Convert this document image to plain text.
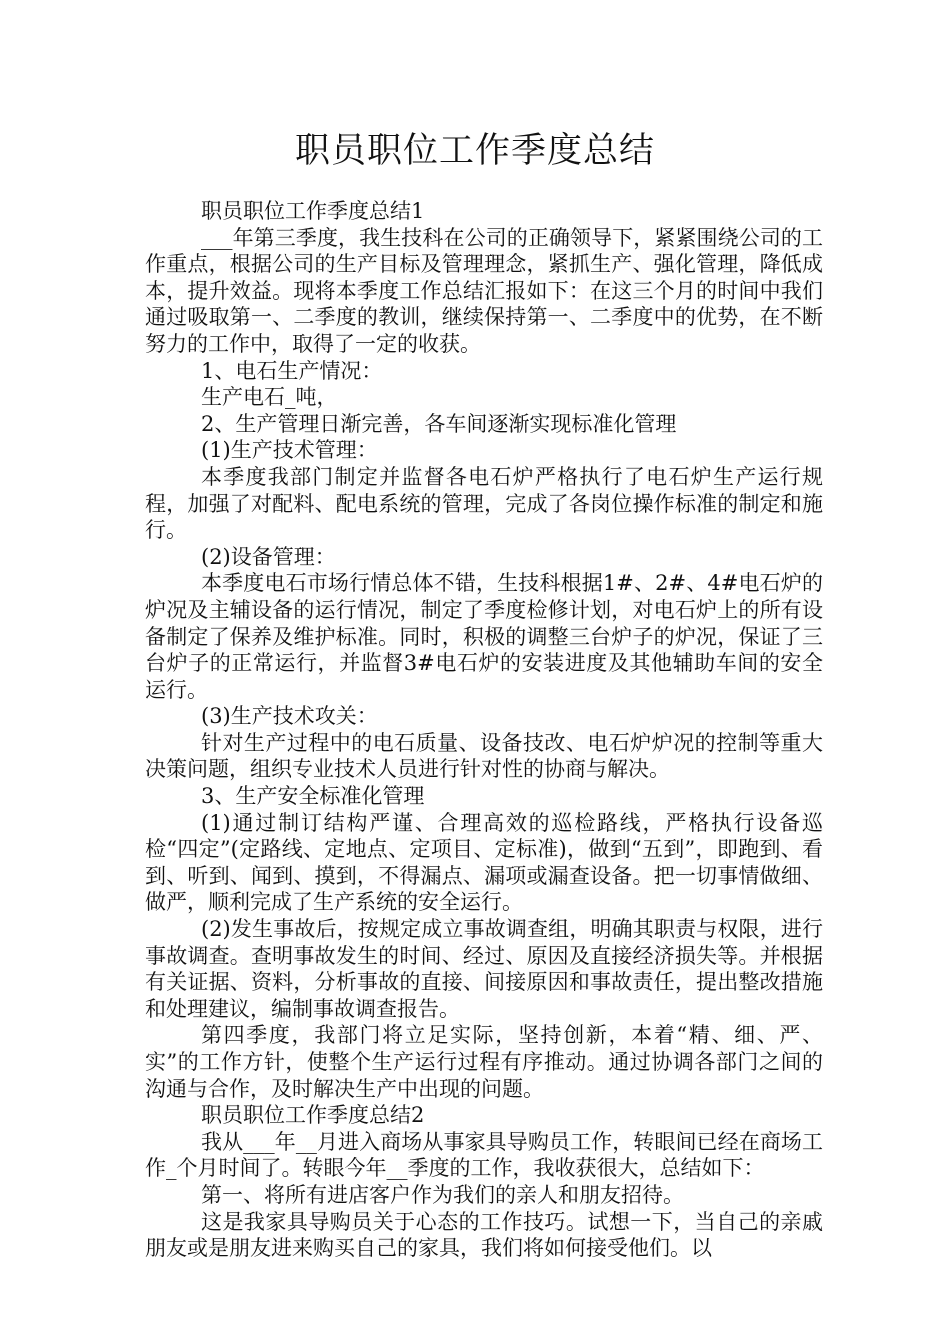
职员职位工作季度总结

职员职位工作季度总结1

___年第三季度，我生技科在公司的正确领导下，紧紧围绕公司的工作重点，根据公司的生产目标及管理理念，紧抓生产、强化管理，降低成本，提升效益。现将本季度工作总结汇报如下：在这三个月的时间中我们通过吸取第一、二季度的教训，继续保持第一、二季度中的优势，在不断努力的工作中，取得了一定的收获。

1、电石生产情况：

生产电石_吨，

2、生产管理日渐完善，各车间逐渐实现标准化管理

(1)生产技术管理：

本季度我部门制定并监督各电石炉严格执行了电石炉生产运行规程，加强了对配料、配电系统的管理，完成了各岗位操作标准的制定和施行。

(2)设备管理：

本季度电石市场行情总体不错，生技科根据1#、2#、4#电石炉的炉况及主辅设备的运行情况，制定了季度检修计划，对电石炉上的所有设备制定了保养及维护标准。同时，积极的调整三台炉子的炉况，保证了三台炉子的正常运行，并监督3#电石炉的安装进度及其他辅助车间的安全运行。

(3)生产技术攻关：

针对生产过程中的电石质量、设备技改、电石炉炉况的控制等重大决策问题，组织专业技术人员进行针对性的协商与解决。

3、生产安全标准化管理

(1)通过制订结构严谨、合理高效的巡检路线，严格执行设备巡检“四定”(定路线、定地点、定项目、定标准)，做到“五到”，即跑到、看到、听到、闻到、摸到，不得漏点、漏项或漏查设备。把一切事情做细、做严，顺利完成了生产系统的安全运行。

(2)发生事故后，按规定成立事故调查组，明确其职责与权限，进行事故调查。查明事故发生的时间、经过、原因及直接经济损失等。并根据有关证据、资料，分析事故的直接、间接原因和事故责任，提出整改措施和处理建议，编制事故调查报告。

第四季度，我部门将立足实际，坚持创新，本着“精、细、严、实”的工作方针，使整个生产运行过程有序推动。通过协调各部门之间的沟通与合作，及时解决生产中出现的问题。

职员职位工作季度总结2

我从___年__月进入商场从事家具导购员工作，转眼间已经在商场工作_个月时间了。转眼今年__季度的工作，我收获很大，总结如下：

第一、将所有进店客户作为我们的亲人和朋友招待。

这是我家具导购员关于心态的工作技巧。试想一下，当自己的亲戚朋友或是朋友进来购买自己的家具，我们将如何接受他们。以
